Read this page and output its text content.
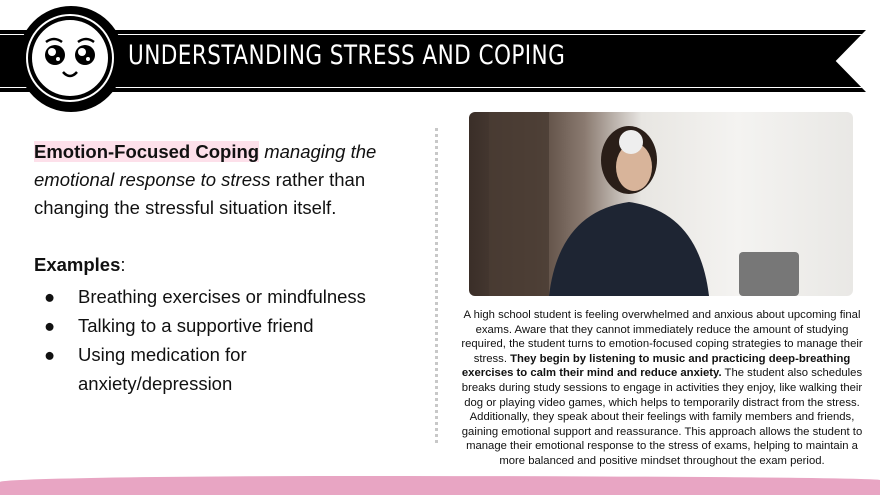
UNDERSTANDING STRESS AND COPING
Emotion-Focused Coping managing the emotional response to stress rather than changing the stressful situation itself.
Examples:
● Breathing exercises or mindfulness
● Talking to a supportive friend
● Using medication for anxiety/depression
A high school student is feeling overwhelmed and anxious about upcoming final exams. Aware that they cannot immediately reduce the amount of studying required, the student turns to emotion-focused coping strategies to manage their stress. They begin by listening to music and practicing deep-breathing exercises to calm their mind and reduce anxiety. The student also schedules breaks during study sessions to engage in activities they enjoy, like walking their dog or playing video games, which helps to temporarily distract from the stress. Additionally, they speak about their feelings with family members and friends, gaining emotional support and reassurance. This approach allows the student to manage their emotional response to the stress of exams, helping to maintain a more balanced and positive mindset throughout the exam period.
